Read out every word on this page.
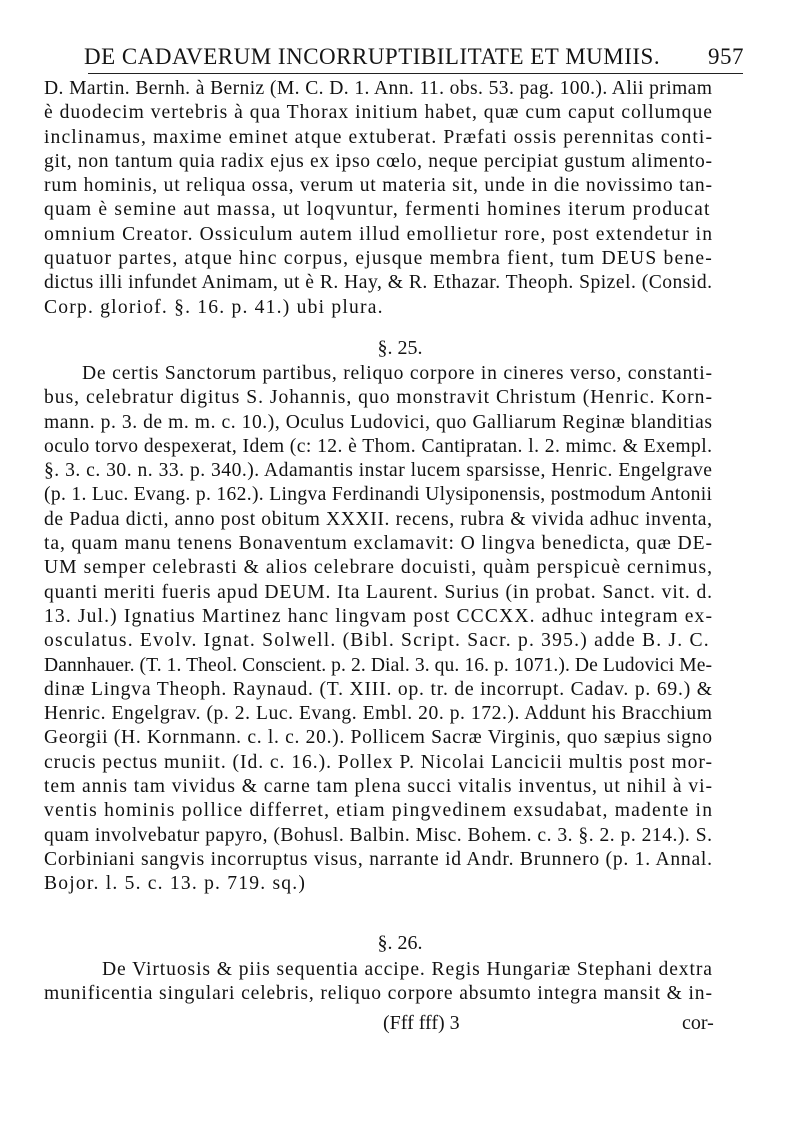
DE CADAVERUM INCORRUPTIBILITATE ET MUMIIS. 957
D. Martin. Bernh. à Berniz (M. C. D. 1. Ann. 11. obs. 53. pag. 100.). Alii primam
è duodecim vertebris à qua Thorax initium habet, quæ cum caput collumque
inclinamus, maxime eminet atque extuberat. Præfati ossis perennitas conti-
git, non tantum quia radix ejus ex ipso cœlo, neque percipiat gustum alimento-
rum hominis, ut reliqua ossa, verum ut materia sit, unde in die novissimo tan-
quam è semine aut massa, ut loqvuntur, fermenti homines iterum producat
omnium Creator. Ossiculum autem illud emollietur rore, post extendetur in
quatuor partes, atque hinc corpus, ejusque membra fient, tum DEUS bene-
dictus illi infundet Animam, ut è R. Hay, & R. Ethazar. Theoph. Spizel. (Consid.
Corp. gloriof. §. 16. p. 41.) ubi plura.
§. 25.
De certis Sanctorum partibus, reliquo corpore in cineres verso, constanti-
bus, celebratur digitus S. Johannis, quo monstravit Christum (Henric. Korn-
mann. p. 3. de m. m. c. 10.), Oculus Ludovici, quo Galliarum Reginæ blanditias
oculo torvo despexerat, Idem (c: 12. è Thom. Cantipratan. l. 2. mimc. & Exempl.
§. 3. c. 30. n. 33. p. 340.). Adamantis instar lucem sparsisse, Henric. Engelgrave
(p. 1. Luc. Evang. p. 162.). Lingva Ferdinandi Ulysiponensis, postmodum Antonii
de Padua dicti, anno post obitum XXXII. recens, rubra & vivida adhuc inventa,
ta, quam manu tenens Bonaventum exclamavit: O lingva benedicta, quæ DE-
UM semper celebrasti & alios celebrare docuisti, quàm perspicuè cernimus,
quanti meriti fueris apud DEUM. Ita Laurent. Surius (in probat. Sanct. vit. d.
13. Jul.) Ignatius Martinez hanc lingvam post CCCXX. adhuc integram ex-
osculatus. Evolv. Ignat. Solwell. (Bibl. Script. Sacr. p. 395.) adde B. J. C.
Dannhauer. (T. 1. Theol. Conscient. p. 2. Dial. 3. qu. 16. p. 1071.). De Ludovici Me-
dinæ Lingva Theoph. Raynaud. (T. XIII. op. tr. de incorrupt. Cadav. p. 69.) &
Henric. Engelgrav. (p. 2. Luc. Evang. Embl. 20. p. 172.). Addunt his Bracchium
Georgii (H. Kornmann. c. l. c. 20.). Pollicem Sacræ Virginis, quo sæpius signo
crucis pectus muniit. (Id. c. 16.). Pollex P. Nicolai Lancicii multis post mor-
tem annis tam vividus & carne tam plena succi vitalis inventus, ut nihil à vi-
ventis hominis pollice differret, etiam pingvedinem exsudabat, madente in
quam involvebatur papyro, (Bohusl. Balbin. Misc. Bohem. c. 3. §. 2. p. 214.). S.
Corbiniani sangvis incorruptus visus, narrante id Andr. Brunnero (p. 1. Annal.
Bojor. l. 5. c. 13. p. 719. sq.)
§. 26.
De Virtuosis & piis sequentia accipe. Regis Hungariæ Stephani dextra
munificentia singulari celebris, reliquo corpore absumto integra mansit & in-
(Fff fff) 3	cor-
